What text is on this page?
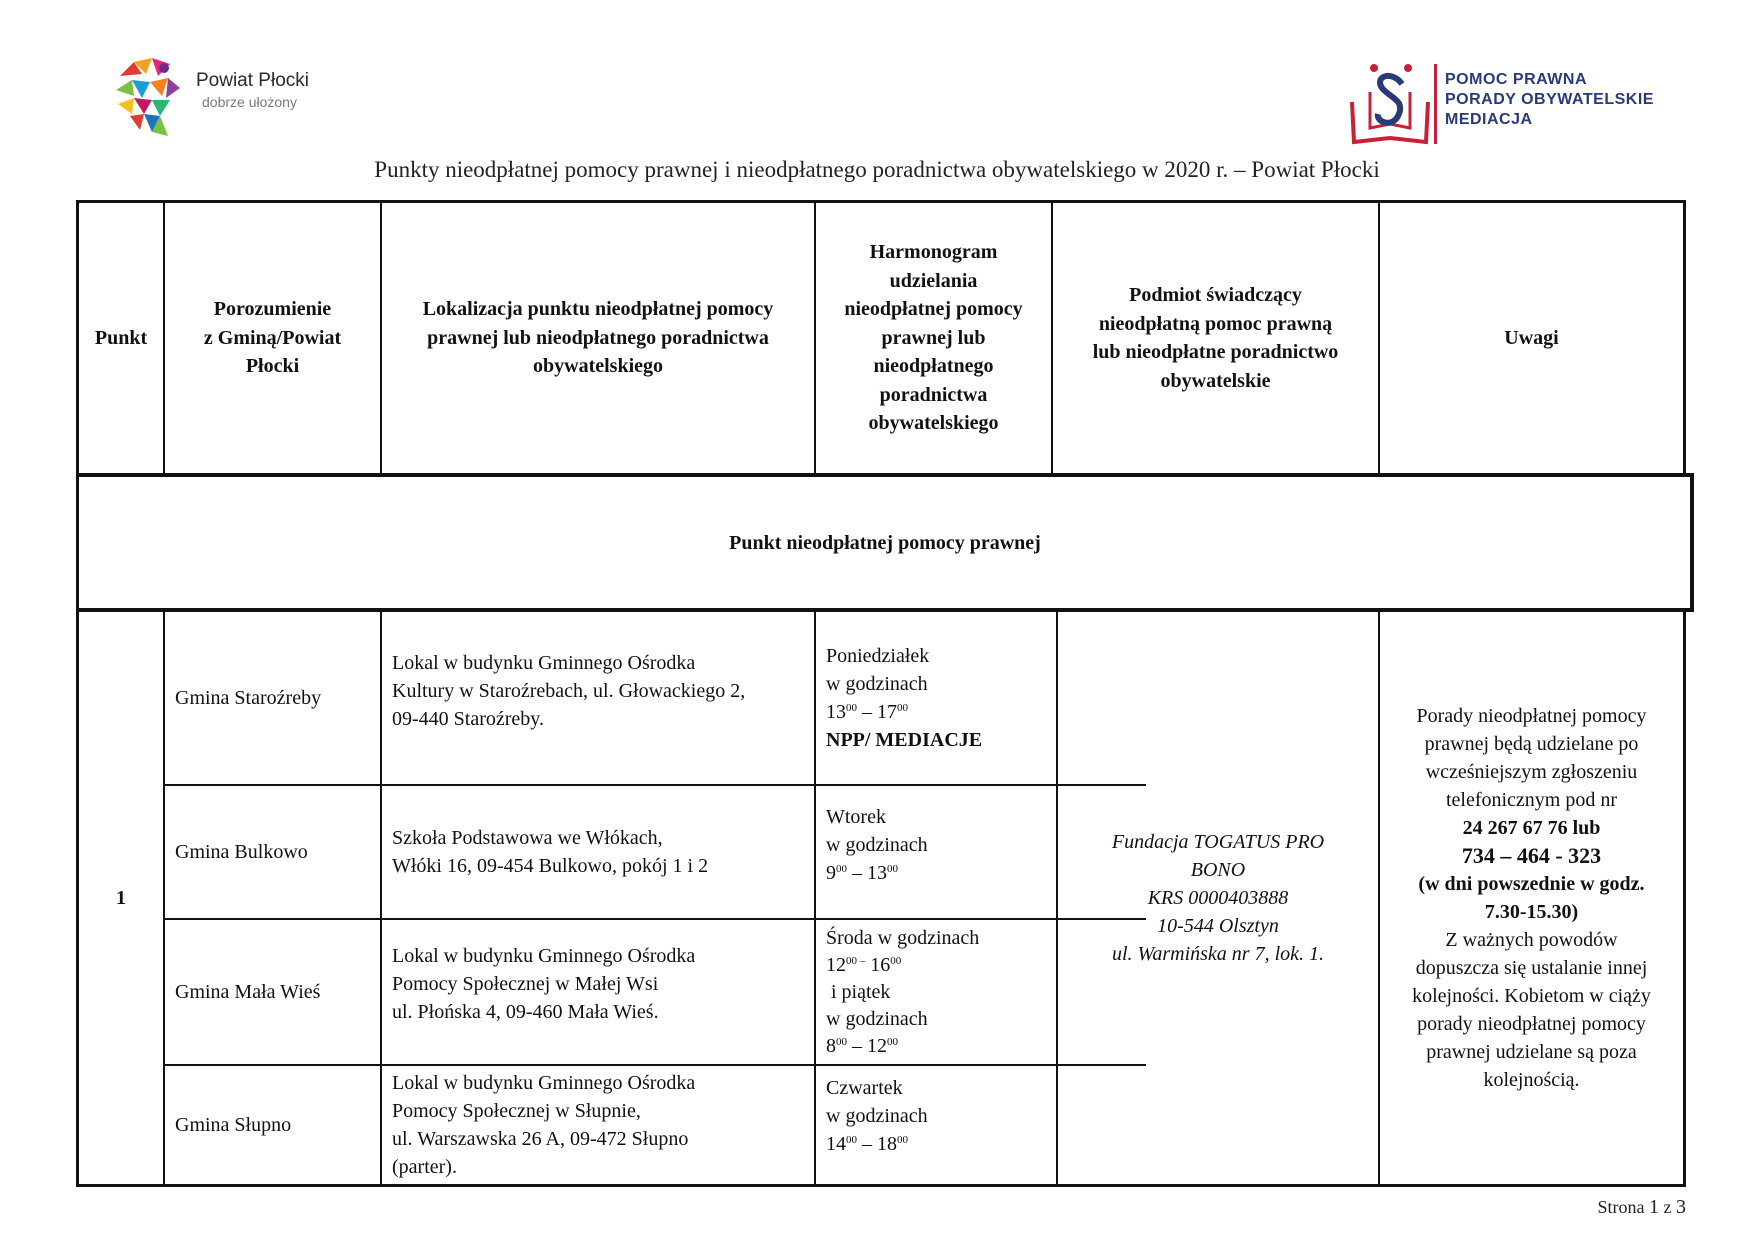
Powiat Płocki
dobrze ułożony
POMOC PRAWNA
PORADY OBYWATELSKIE
MEDIACJA
Punkty nieodpłatnej pomocy prawnej i nieodpłatnego poradnictwa obywatelskiego w 2020 r. – Powiat Płocki
Punkt
Porozumienie
z Gminą/Powiat
Płocki
Lokalizacja punktu nieodpłatnej pomocy
prawnej lub nieodpłatnego poradnictwa
obywatelskiego
Harmonogram
udzielania
nieodpłatnej pomocy
prawnej lub
nieodpłatnego
poradnictwa
obywatelskiego
Podmiot świadczący
nieodpłatną pomoc prawną
lub nieodpłatne poradnictwo
obywatelskie
Uwagi
Punkt nieodpłatnej pomocy prawnej
1
Gmina Staroźreby
Lokal w budynku Gminnego Ośrodka
Kultury w Staroźrebach, ul. Głowackiego 2,
09-440 Staroźreby.
Poniedziałek
w godzinach
$13^{00} - 17^{00}$
NPP/ MEDIACJE
Gmina Bulkowo
Szkoła Podstawowa we Włókach,
Włóki 16, 09-454 Bulkowo, pokój 1 i 2
Wtorek
w godzinach
$9^{00} - 13^{00}$
Gmina Mała Wieś
Lokal w budynku Gminnego Ośrodka
Pomocy Społecznej w Małej Wsi
ul. Płońska 4, 09-460 Mała Wieś.
Środa w godzinach
$12^{00 -}$ $16^{00}$
i piątek
w godzinach
$8^{00} - 12^{00}$
Gmina Słupno
Lokal w budynku Gminnego Ośrodka
Pomocy Społecznej w Słupnie,
ul. Warszawska 26 A, 09-472 Słupno
(parter).
Czwartek
w godzinach
$14^{00} - 18^{00}$
Fundacja TOGATUS PRO
BONO
KRS 0000403888
10-544 Olsztyn
ul. Warmińska nr 7, lok. 1.
Porady nieodpłatnej pomocy
prawnej będą udzielane po
wcześniejszym zgłoszeniu
telefonicznym pod nr
24 267 67 76 lub
734 – 464 - 323
(w dni powszednie w godz.
7.30-15.30)
Z ważnych powodów
dopuszcza się ustalanie innej
kolejności. Kobietom w ciąży
porady nieodpłatnej pomocy
prawnej udzielane są poza
kolejnością.
Strona 1 z 3
